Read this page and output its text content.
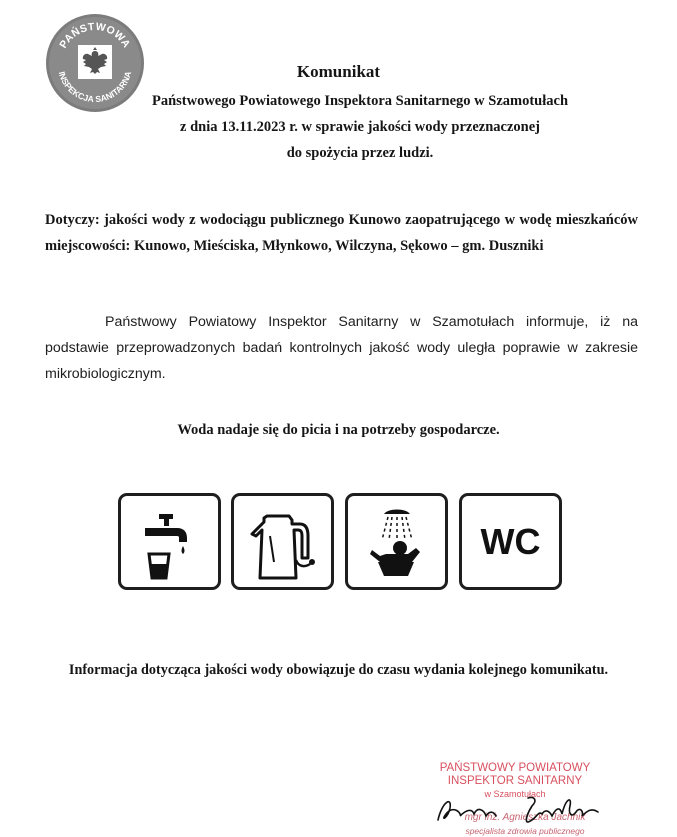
PAŃSTWOWA
INSPEKCJA SANITARNA	Komunikat
Państwowego Powiatowego Inspektora Sanitarnego w Szamotułach
z dnia 13.11.2023 r. w sprawie jakości wody przeznaczonej
do spożycia przez ludzi.
Dotyczy: jakości wody z wodociągu publicznego Kunowo zaopatrującego w wodę mieszkańców miejscowości: Kunowo, Mieściska, Młynkowo, Wilczyna, Sękowo – gm. Duszniki
Państwowy Powiatowy Inspektor Sanitarny w Szamotułach informuje, iż na podstawie przeprowadzonych badań kontrolnych jakość wody uległa poprawie w zakresie mikrobiologicznym.
Woda nadaje się do picia i na potrzeby gospodarcze.
WC
Informacja dotycząca jakości wody obowiązuje do czasu wydania kolejnego komunikatu.
PAŃSTWOWY POWIATOWY
INSPEKTOR SANITARNY
w Szamotułach
mgr inż. Agnieszka Jachnik
specjalista zdrowia publicznego
